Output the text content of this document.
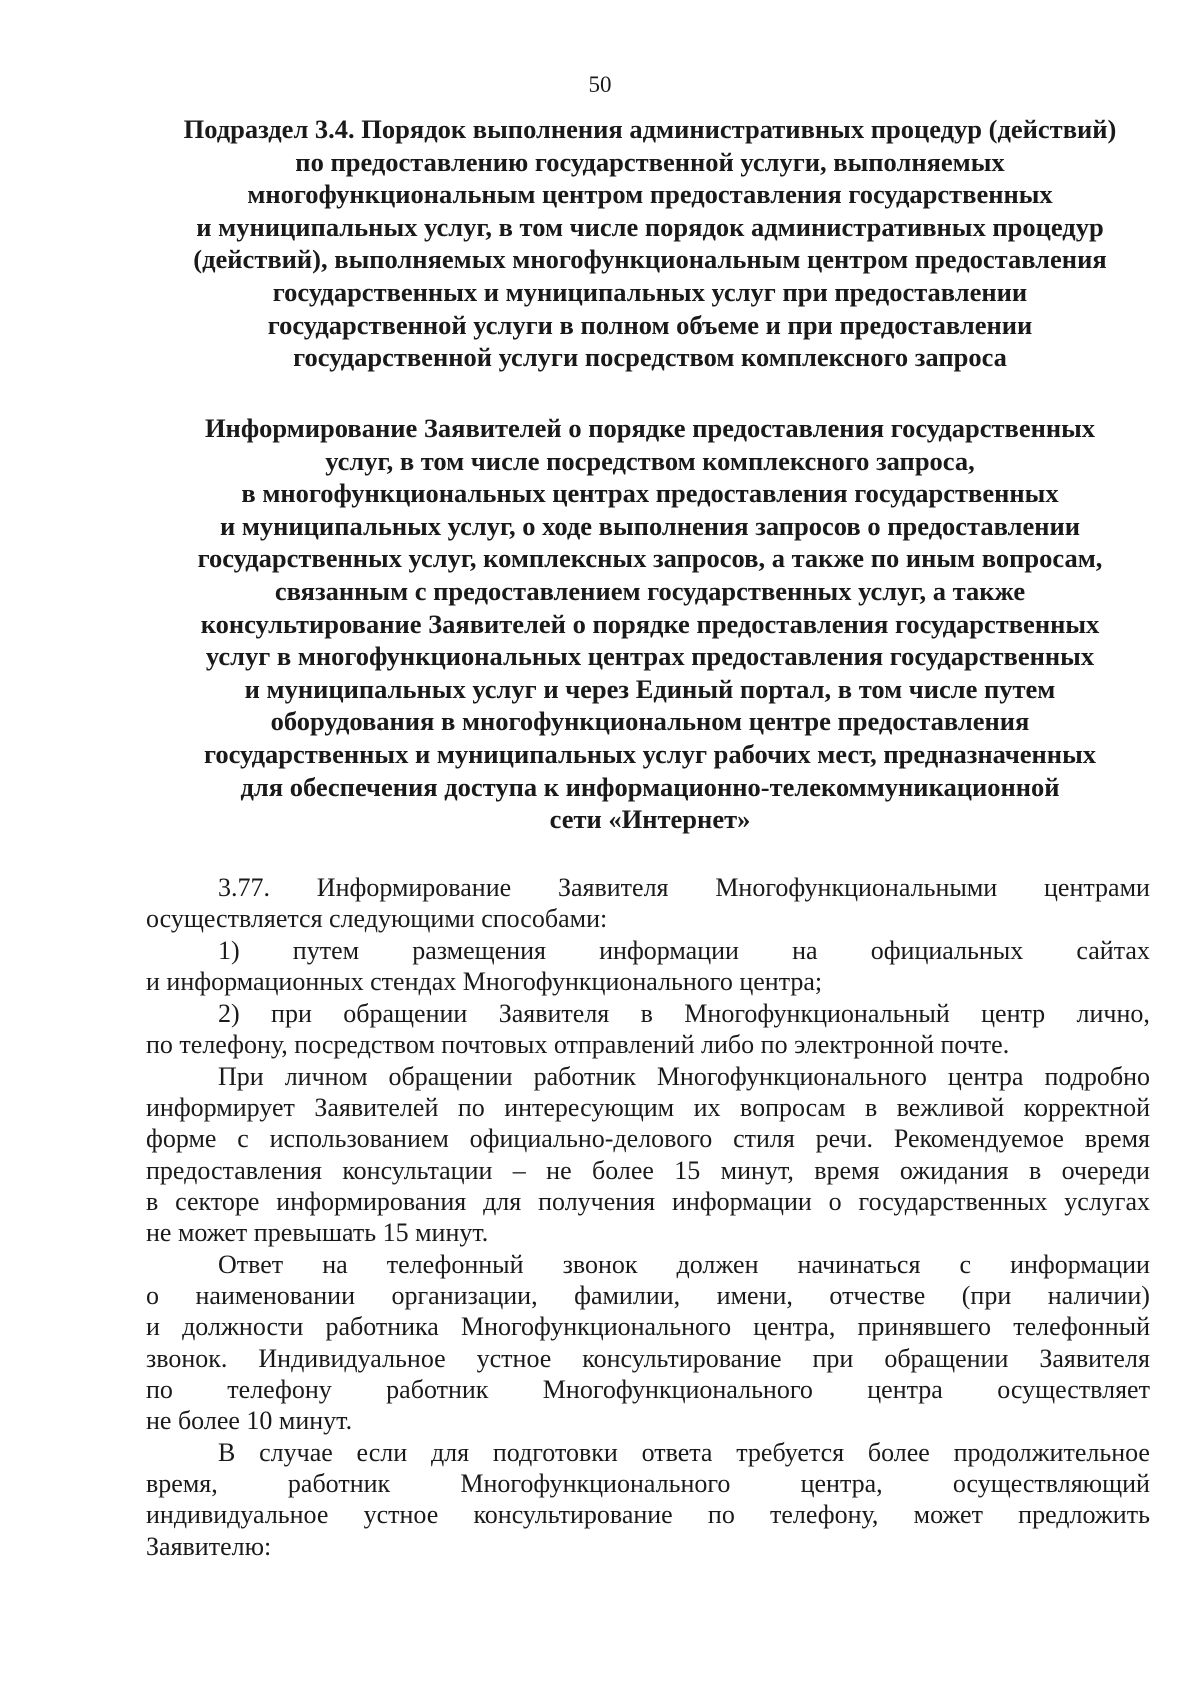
50
Подраздел 3.4. Порядок выполнения административных процедур (действий)
по предоставлению государственной услуги, выполняемых
многофункциональным центром предоставления государственных
и муниципальных услуг, в том числе порядок административных процедур
(действий), выполняемых многофункциональным центром предоставления
государственных и муниципальных услуг при предоставлении
государственной услуги в полном объеме и при предоставлении
государственной услуги посредством комплексного запроса
Информирование Заявителей о порядке предоставления государственных
услуг, в том числе посредством комплексного запроса,
в многофункциональных центрах предоставления государственных
и муниципальных услуг, о ходе выполнения запросов о предоставлении
государственных услуг, комплексных запросов, а также по иным вопросам,
связанным с предоставлением государственных услуг, а также
консультирование Заявителей о порядке предоставления государственных
услуг в многофункциональных центрах предоставления государственных
и муниципальных услуг и через Единый портал, в том числе путем
оборудования в многофункциональном центре предоставления
государственных и муниципальных услуг рабочих мест, предназначенных
для обеспечения доступа к информационно-телекоммуникационной
сети «Интернет»
3.77. Информирование Заявителя Многофункциональными центрами
осуществляется следующими способами:
1) путем размещения информации на официальных сайтах
и информационных стендах Многофункционального центра;
2) при обращении Заявителя в Многофункциональный центр лично,
по телефону, посредством почтовых отправлений либо по электронной почте.
При личном обращении работник Многофункционального центра подробно
информирует Заявителей по интересующим их вопросам в вежливой корректной
форме с использованием официально-делового стиля речи. Рекомендуемое время
предоставления консультации – не более 15 минут, время ожидания в очереди
в секторе информирования для получения информации о государственных услугах
не может превышать 15 минут.
Ответ на телефонный звонок должен начинаться с информации
о наименовании организации, фамилии, имени, отчестве (при наличии)
и должности работника Многофункционального центра, принявшего телефонный
звонок. Индивидуальное устное консультирование при обращении Заявителя
по телефону работник Многофункционального центра осуществляет
не более 10 минут.
В случае если для подготовки ответа требуется более продолжительное
время,	работник	Многофункционального	центра,	осуществляющий
индивидуальное устное консультирование по телефону, может предложить
Заявителю:
